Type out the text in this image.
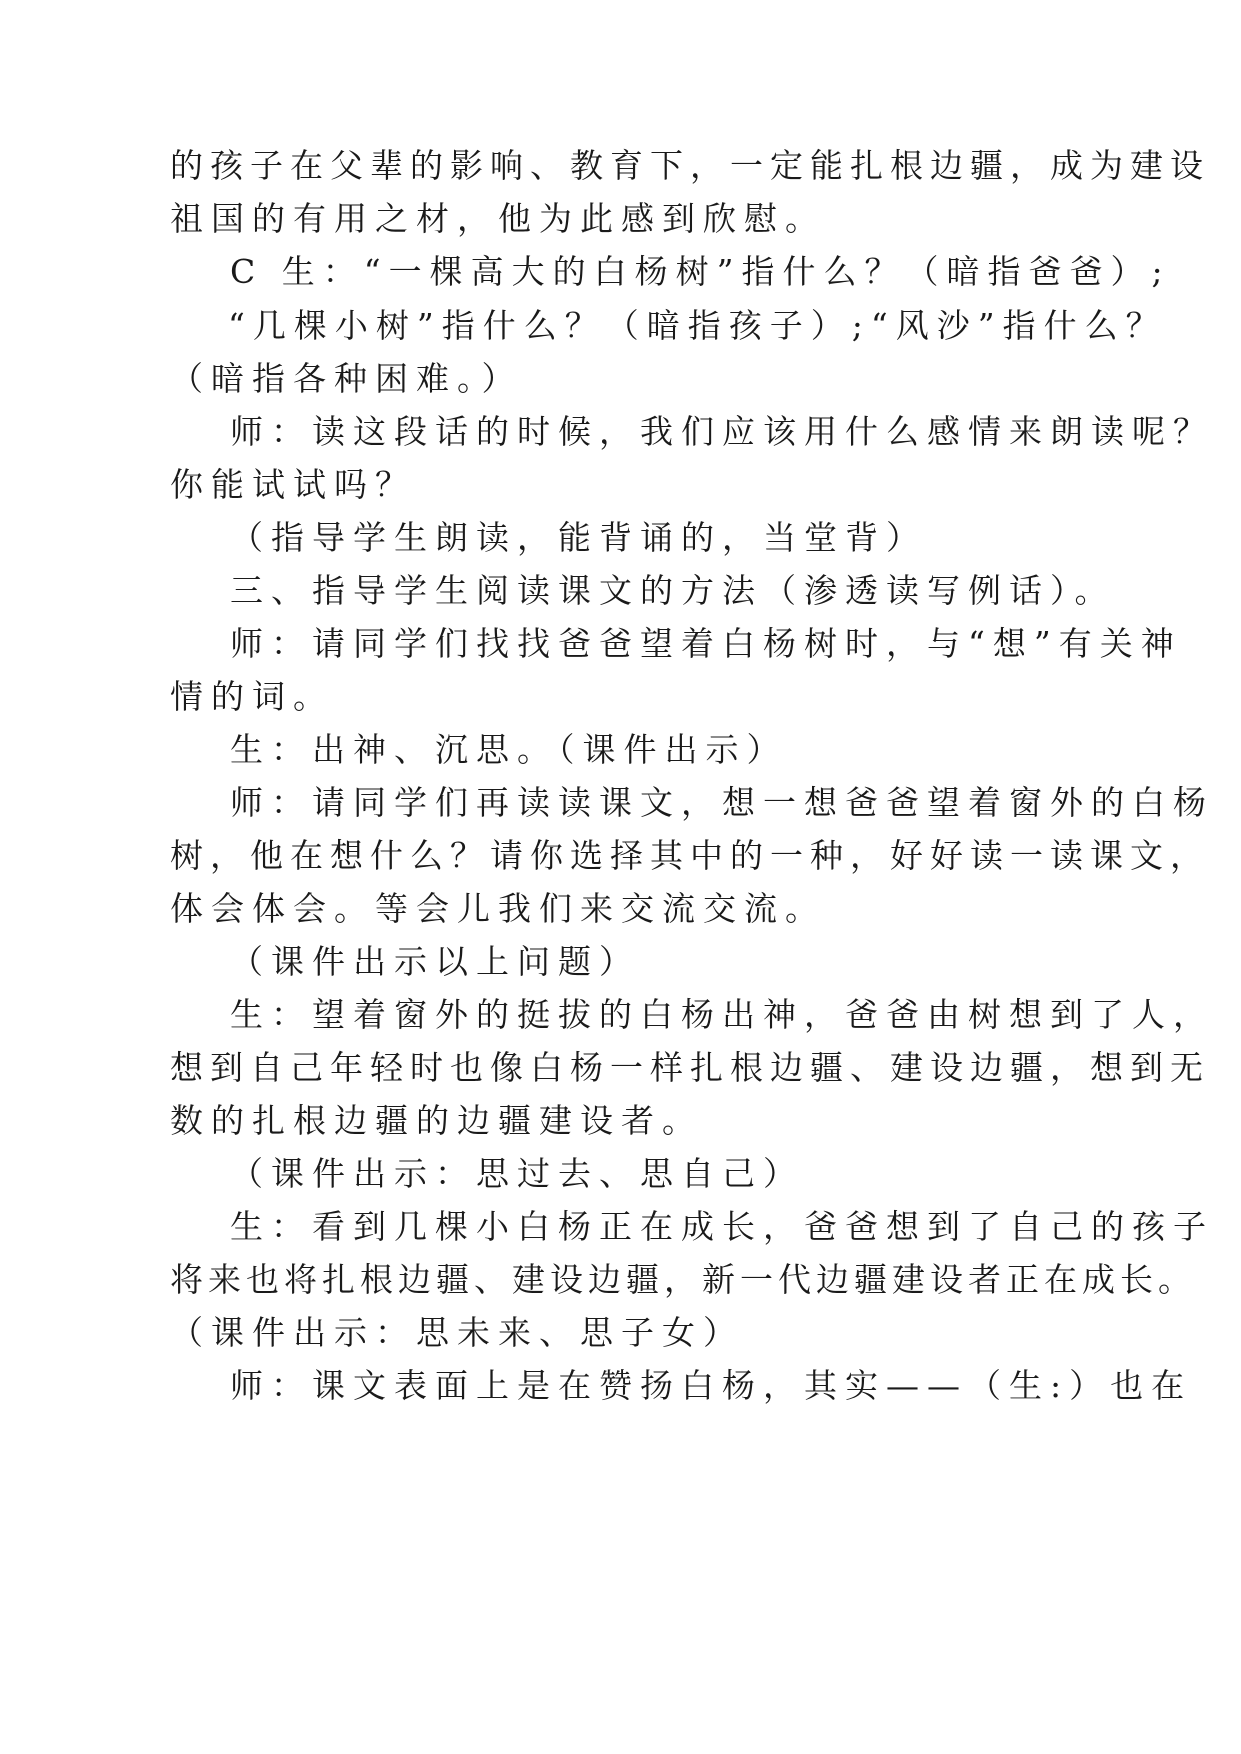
的孩子在父辈的影响、教育下，一定能扎根边疆，成为建设
祖国的有用之材，他为此感到欣慰。
C 生：“一棵高大的白杨树”指什么？（暗指爸爸）;
“几棵小树”指什么？（暗指孩子）;“风沙”指什么？
（暗指各种困难。）
师：读这段话的时候，我们应该用什么感情来朗读呢？
你能试试吗？
（指导学生朗读，能背诵的，当堂背）
三、指导学生阅读课文的方法（渗透读写例话）。
师：请同学们找找爸爸望着白杨树时，与“想”有关神
情的词。
生：出神、沉思。（课件出示）
师：请同学们再读读课文，想一想爸爸望着窗外的白杨
树，他在想什么？请你选择其中的一种，好好读一读课文，
体会体会。等会儿我们来交流交流。
（课件出示以上问题）
生：望着窗外的挺拔的白杨出神，爸爸由树想到了人，
想到自己年轻时也像白杨一样扎根边疆、建设边疆，想到无
数的扎根边疆的边疆建设者。
（课件出示：思过去、思自己）
生：看到几棵小白杨正在成长，爸爸想到了自己的孩子
将来也将扎根边疆、建设边疆，新一代边疆建设者正在成长。
（课件出示：思未来、思子女）
师：课文表面上是在赞扬白杨，其实——（生:）也在
